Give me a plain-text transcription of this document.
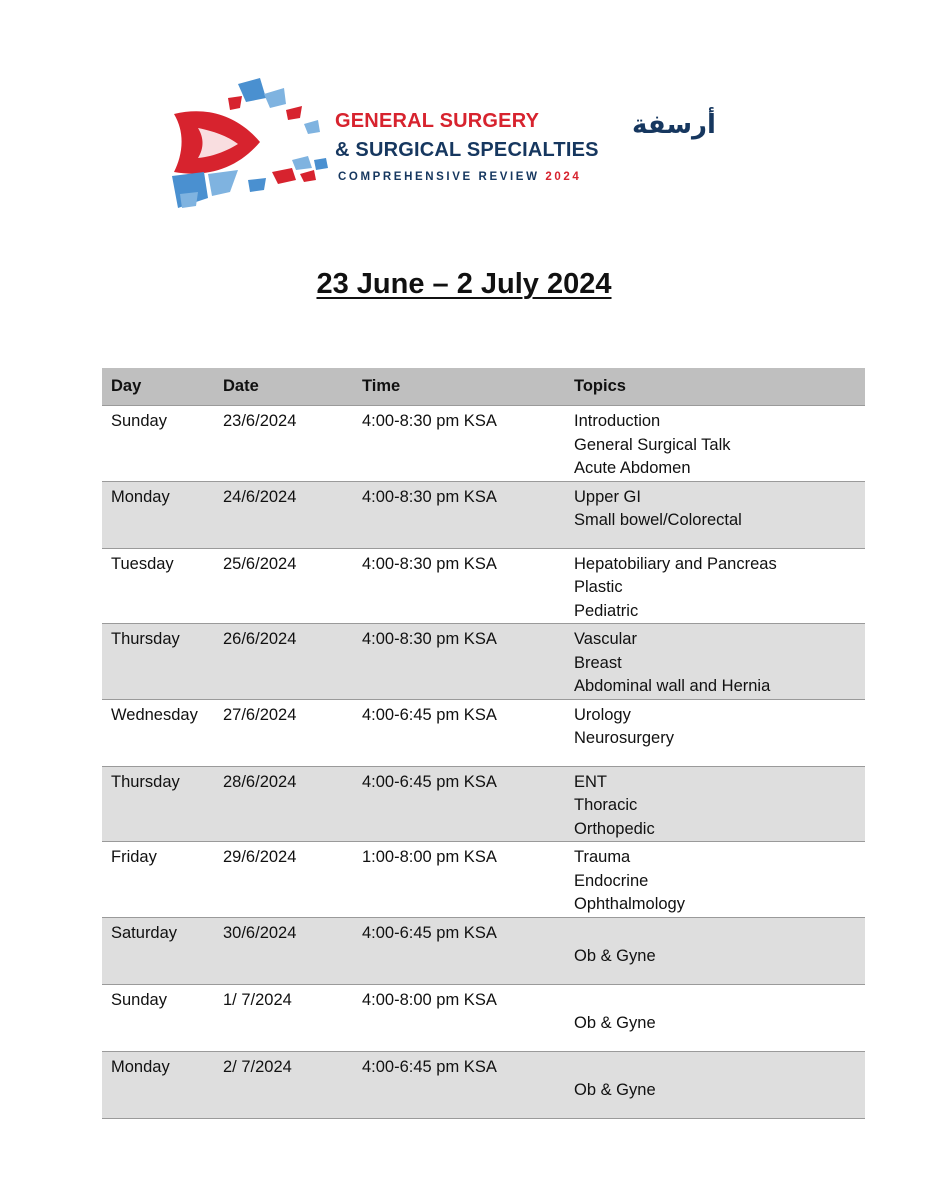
GENERAL SURGERY
& SURGICAL SPECIALTIES
COMPREHENSIVE REVIEW 2024
أرسفة
23 June – 2 July 2024
Day	Date	Time	Topics
Sunday	23/6/2024	4:00-8:30 pm KSA	Introduction
General Surgical Talk
Acute Abdomen

Monday	24/6/2024	4:00-8:30 pm KSA	Upper GI
Small bowel/Colorectal

Tuesday	25/6/2024	4:00-8:30 pm KSA	Hepatobiliary and Pancreas
Plastic
Pediatric

Thursday	26/6/2024	4:00-8:30 pm KSA	Vascular
Breast
Abdominal wall and Hernia

Wednesday	27/6/2024	4:00-6:45 pm KSA	Urology
Neurosurgery

Thursday	28/6/2024	4:00-6:45 pm KSA	ENT
Thoracic
Orthopedic

Friday	29/6/2024	1:00-8:00 pm KSA	Trauma
Endocrine
Ophthalmology

Saturday	30/6/2024	4:00-6:45 pm KSA	Ob & Gyne

Sunday	1/ 7/2024	4:00-8:00 pm KSA	Ob & Gyne

Monday	2/ 7/2024	4:00-6:45 pm KSA	Ob & Gyne
